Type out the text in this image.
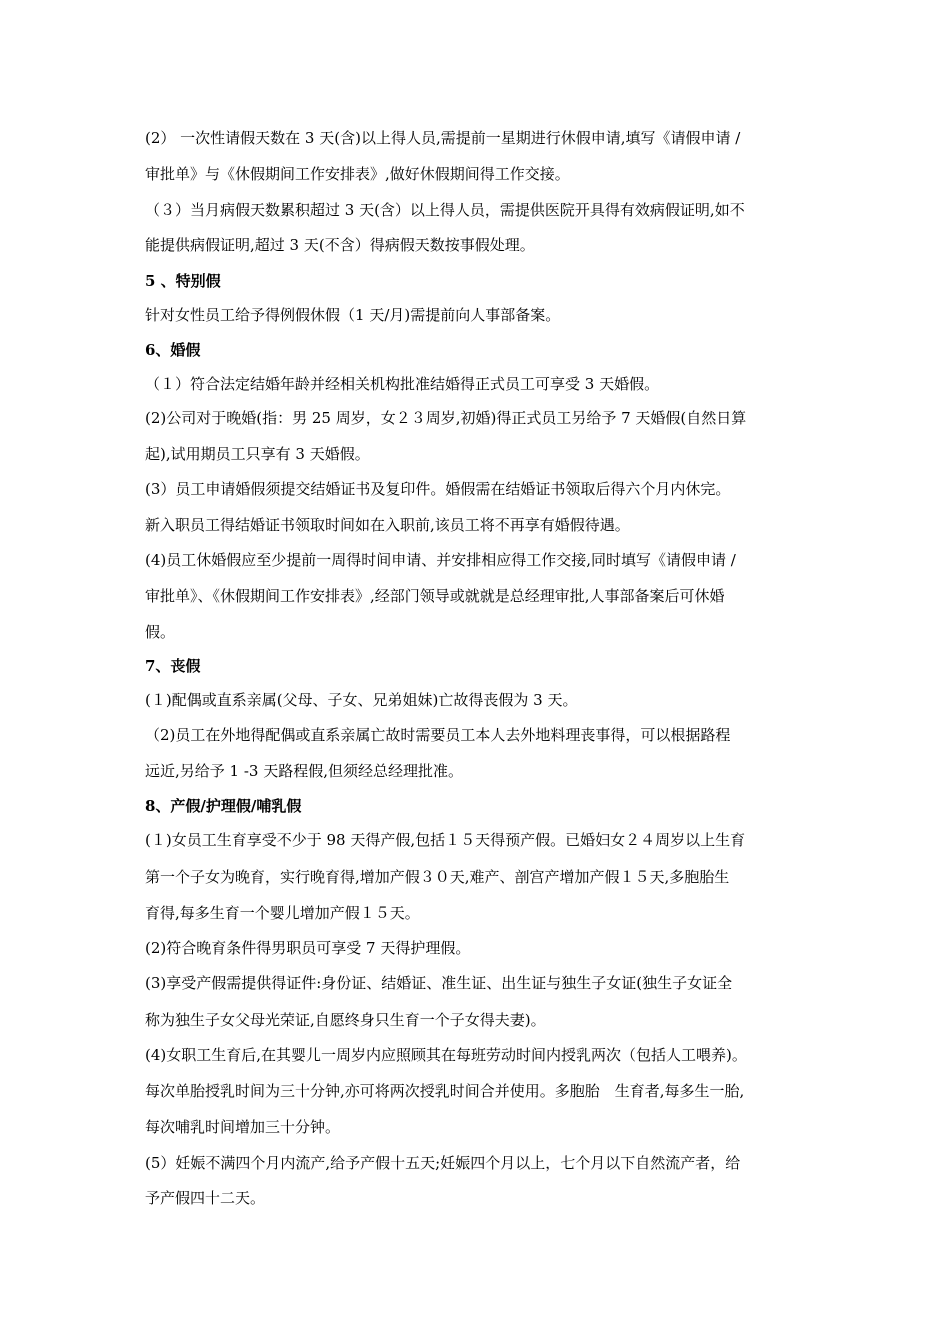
(2） 一次性请假天数在 3 天(含)以上得人员,需提前一星期进行休假申请,填写《请假申请 /
审批单》与《休假期间工作安排表》,做好休假期间得工作交接。
（３）当月病假天数累积超过 3 天(含）以上得人员，需提供医院开具得有效病假证明,如不
能提供病假证明,超过 3 天(不含）得病假天数按事假处理。
5 、特别假
针对女性员工给予得例假休假（1 天/月)需提前向人事部备案。
6、婚假
（１）符合法定结婚年龄并经相关机构批准结婚得正式员工可享受 3 天婚假。
(2)公司对于晚婚(指：男 25 周岁，女２３周岁,初婚)得正式员工另给予 7 天婚假(自然日算
起),试用期员工只享有 3 天婚假。
(3）员工申请婚假须提交结婚证书及复印件。婚假需在结婚证书领取后得六个月内休完。
新入职员工得结婚证书领取时间如在入职前,该员工将不再享有婚假待遇。
(4)员工休婚假应至少提前一周得时间申请、并安排相应得工作交接,同时填写《请假申请 /
审批单》、《休假期间工作安排表》,经部门领导或就就是总经理审批,人事部备案后可休婚
假。
7、丧假
(１)配偶或直系亲属(父母、子女、兄弟姐妹)亡故得丧假为 3 天。
（2)员工在外地得配偶或直系亲属亡故时需要员工本人去外地料理丧事得，可以根据路程
远近,另给予 1 -3 天路程假,但须经总经理批准。
8、产假/护理假/哺乳假
(１)女员工生育享受不少于 98 天得产假,包括１５天得预产假。已婚妇女２４周岁以上生育
第一个子女为晚育，实行晚育得,增加产假３０天,难产、剖宫产增加产假１５天,多胞胎生
育得,每多生育一个婴儿增加产假１５天。
(2)符合晚育条件得男职员可享受 7 天得护理假。
(3)享受产假需提供得证件:身份证、结婚证、准生证、出生证与独生子女证(独生子女证全
称为独生子女父母光荣证,自愿终身只生育一个子女得夫妻)。
(4)女职工生育后,在其婴儿一周岁内应照顾其在每班劳动时间内授乳两次（包括人工喂养)。
每次单胎授乳时间为三十分钟,亦可将两次授乳时间合并使用。多胞胎　生育者,每多生一胎,
每次哺乳时间增加三十分钟。
(5）妊娠不满四个月内流产,给予产假十五天;妊娠四个月以上，七个月以下自然流产者，给
予产假四十二天。
